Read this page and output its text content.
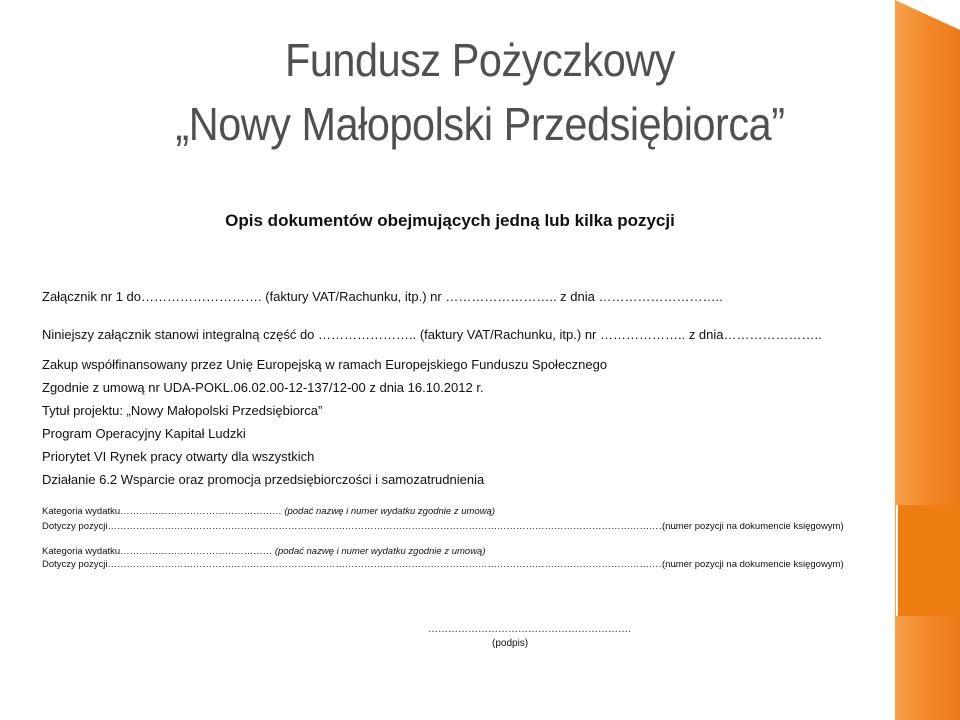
Fundusz Pożyczkowy
„Nowy Małopolski Przedsiębiorca”
Opis dokumentów obejmujących jedną lub kilka pozycji
Załącznik nr 1 do………………………. (faktury VAT/Rachunku, itp.) nr …………………….. z dnia ………………………..
Niniejszy załącznik stanowi integralną część do ………………….. (faktury VAT/Rachunku, itp.) nr ……………….. z dnia…………………..
Zakup współfinansowany przez Unię Europejską w ramach Europejskiego Funduszu Społecznego
Zgodnie z umową nr UDA-POKL.06.02.00-12-137/12-00 z dnia 16.10.2012 r.
Tytuł projektu: „Nowy Małopolski Przedsiębiorca”
Program Operacyjny Kapitał Ludzki
Priorytet VI Rynek pracy otwarty dla wszystkich
Działanie 6.2 Wsparcie oraz promocja przedsiębiorczości i samozatrudnienia
Kategoria wydatku…………………………………………… (podać nazwę i numer wydatku zgodnie z umową)
Dotyczy pozycji………………………………………………………………………………………………………………………………………………………………
(numer pozycji na dokumencie księgowym)
Kategoria wydatku………………………………………… (podać nazwę i numer wydatku zgodnie z umową)
Dotyczy pozycji………………………………………………………………………………………………………………………………………………………………
(numer pozycji na dokumencie księgowym)
…………………………………………………….
(podpis)
